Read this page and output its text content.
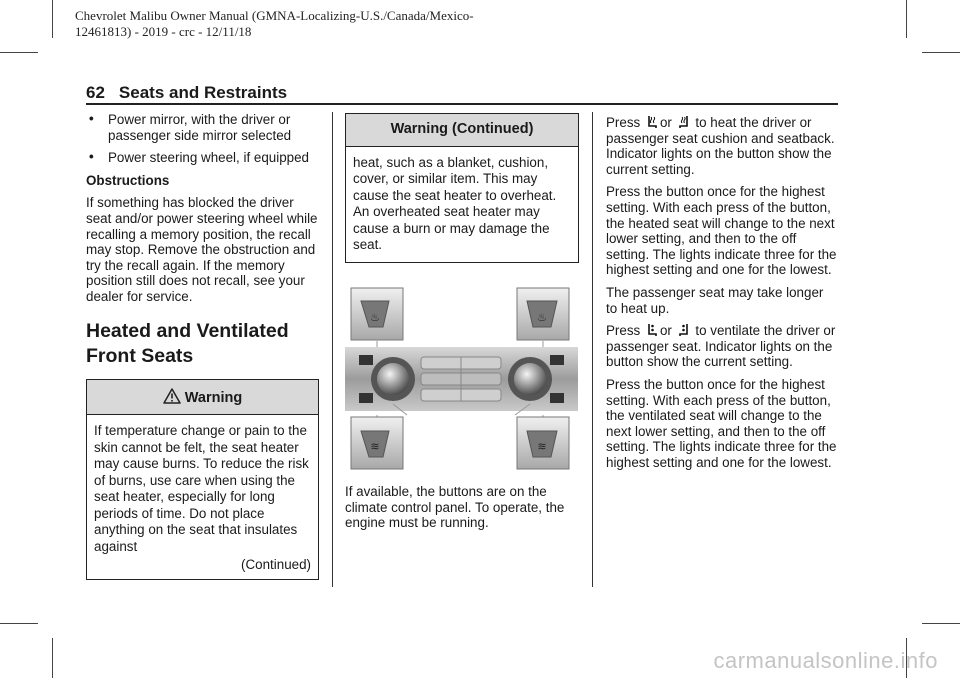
Chevrolet Malibu Owner Manual (GMNA-Localizing-U.S./Canada/Mexico-
12461813) - 2019 - crc - 12/11/18
62 Seats and Restraints
• Power mirror, with the driver or passenger side mirror selected
• Power steering wheel, if equipped
Obstructions

If something has blocked the driver seat and/or power steering wheel while recalling a memory position, the recall may stop. Remove the obstruction and try the recall again. If the memory position still does not recall, see your dealer for service.

Heated and Ventilated
Front Seats
Warning
If temperature change or pain to the skin cannot be felt, the seat heater may cause burns. To reduce the risk of burns, use care when using the seat heater, especially for long periods of time. Do not place anything on the seat that insulates against
(Continued)
Warning (Continued)
heat, such as a blanket, cushion, cover, or similar item. This may cause the seat heater to overheat. An overheated seat heater may cause a burn or may damage the seat.
♨	♨
≋	≋

If available, the buttons are on the climate control panel. To operate, the engine must be running.

Press or to heat the driver or passenger seat cushion and seatback. Indicator lights on the button show the current setting.

Press the button once for the highest setting. With each press of the button, the heated seat will change to the next lower setting, and then to the off setting. The lights indicate three for the highest setting and one for the lowest.

The passenger seat may take longer to heat up.

Press or to ventilate the driver or passenger seat. Indicator lights on the button show the current setting.

Press the button once for the highest setting. With each press of the button, the ventilated seat will change to the next lower setting, and then to the off setting. The lights indicate three for the highest setting and one for the lowest.

carmanualsonline.info
